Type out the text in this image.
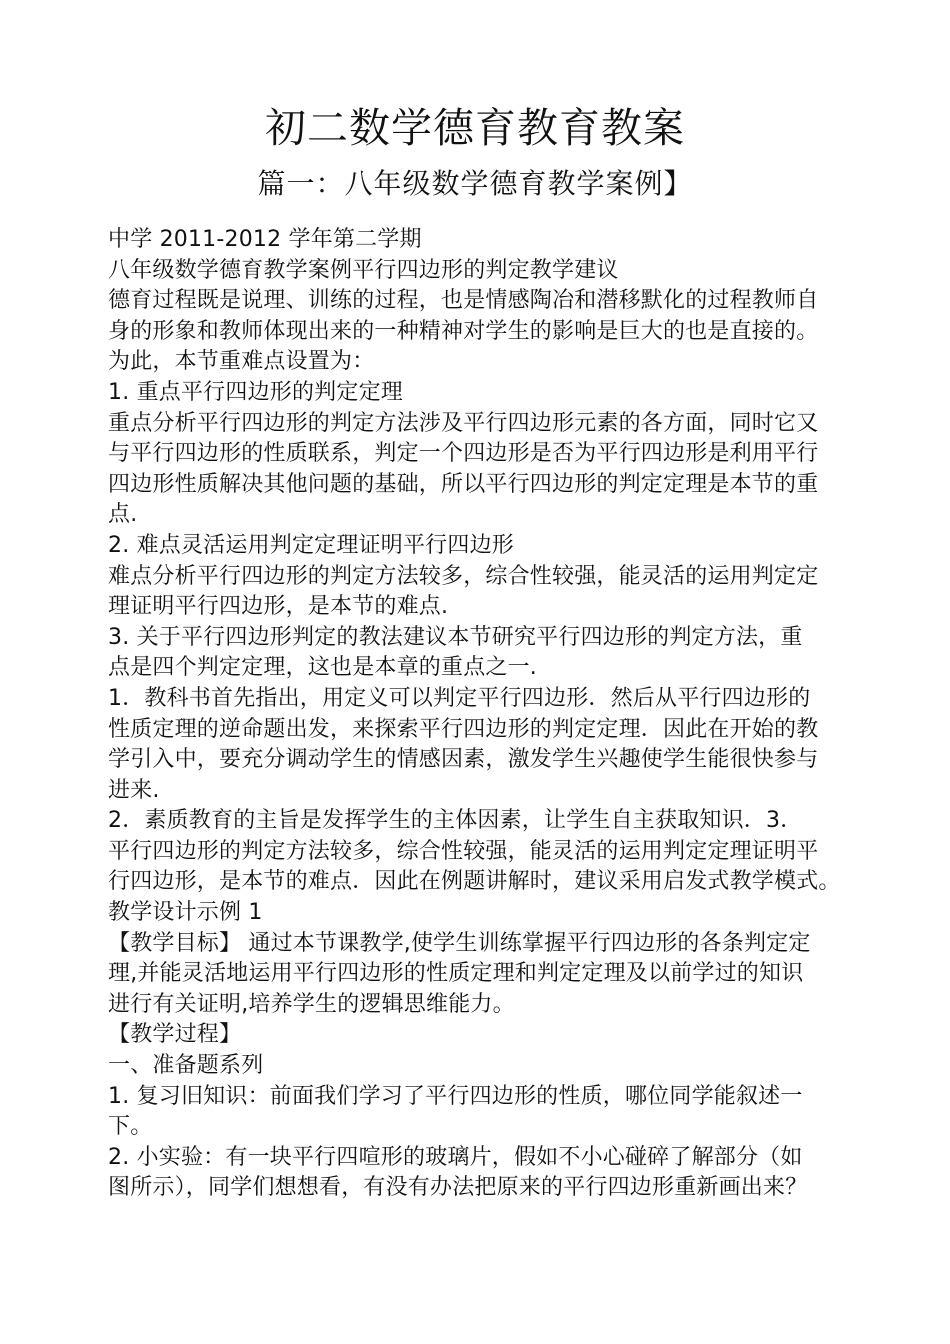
初二数学德育教育教案
篇一：八年级数学德育教学案例】
中学 2011-2012 学年第二学期
八年级数学德育教学案例平行四边形的判定教学建议
德育过程既是说理、训练的过程，也是情感陶冶和潜移默化的过程教师自
身的形象和教师体现出来的一种精神对学生的影响是巨大的也是直接的。
为此，本节重难点设置为：
1. 重点平行四边形的判定定理
重点分析平行四边形的判定方法涉及平行四边形元素的各方面，同时它又
与平行四边形的性质联系，判定一个四边形是否为平行四边形是利用平行
四边形性质解决其他问题的基础，所以平行四边形的判定定理是本节的重
点.
2. 难点灵活运用判定定理证明平行四边形
难点分析平行四边形的判定方法较多，综合性较强，能灵活的运用判定定
理证明平行四边形，是本节的难点.
3. 关于平行四边形判定的教法建议本节研究平行四边形的判定方法，重
点是四个判定定理，这也是本章的重点之一.
1．教科书首先指出，用定义可以判定平行四边形．然后从平行四边形的
性质定理的逆命题出发，来探索平行四边形的判定定理．因此在开始的教
学引入中，要充分调动学生的情感因素，激发学生兴趣使学生能很快参与
进来.
2．素质教育的主旨是发挥学生的主体因素，让学生自主获取知识．3．
平行四边形的判定方法较多，综合性较强，能灵活的运用判定定理证明平
行四边形，是本节的难点．因此在例题讲解时，建议采用启发式教学模式。
教学设计示例 1
【教学目标】 通过本节课教学,使学生训练掌握平行四边形的各条判定定
理,并能灵活地运用平行四边形的性质定理和判定定理及以前学过的知识
进行有关证明,培养学生的逻辑思维能力。
【教学过程】
一、准备题系列
1. 复习旧知识：前面我们学习了平行四边形的性质，哪位同学能叙述一
下。
2. 小实验：有一块平行四喧形的玻璃片，假如不小心碰碎了解部分（如
图所示），同学们想想看，有没有办法把原来的平行四边形重新画出来？
